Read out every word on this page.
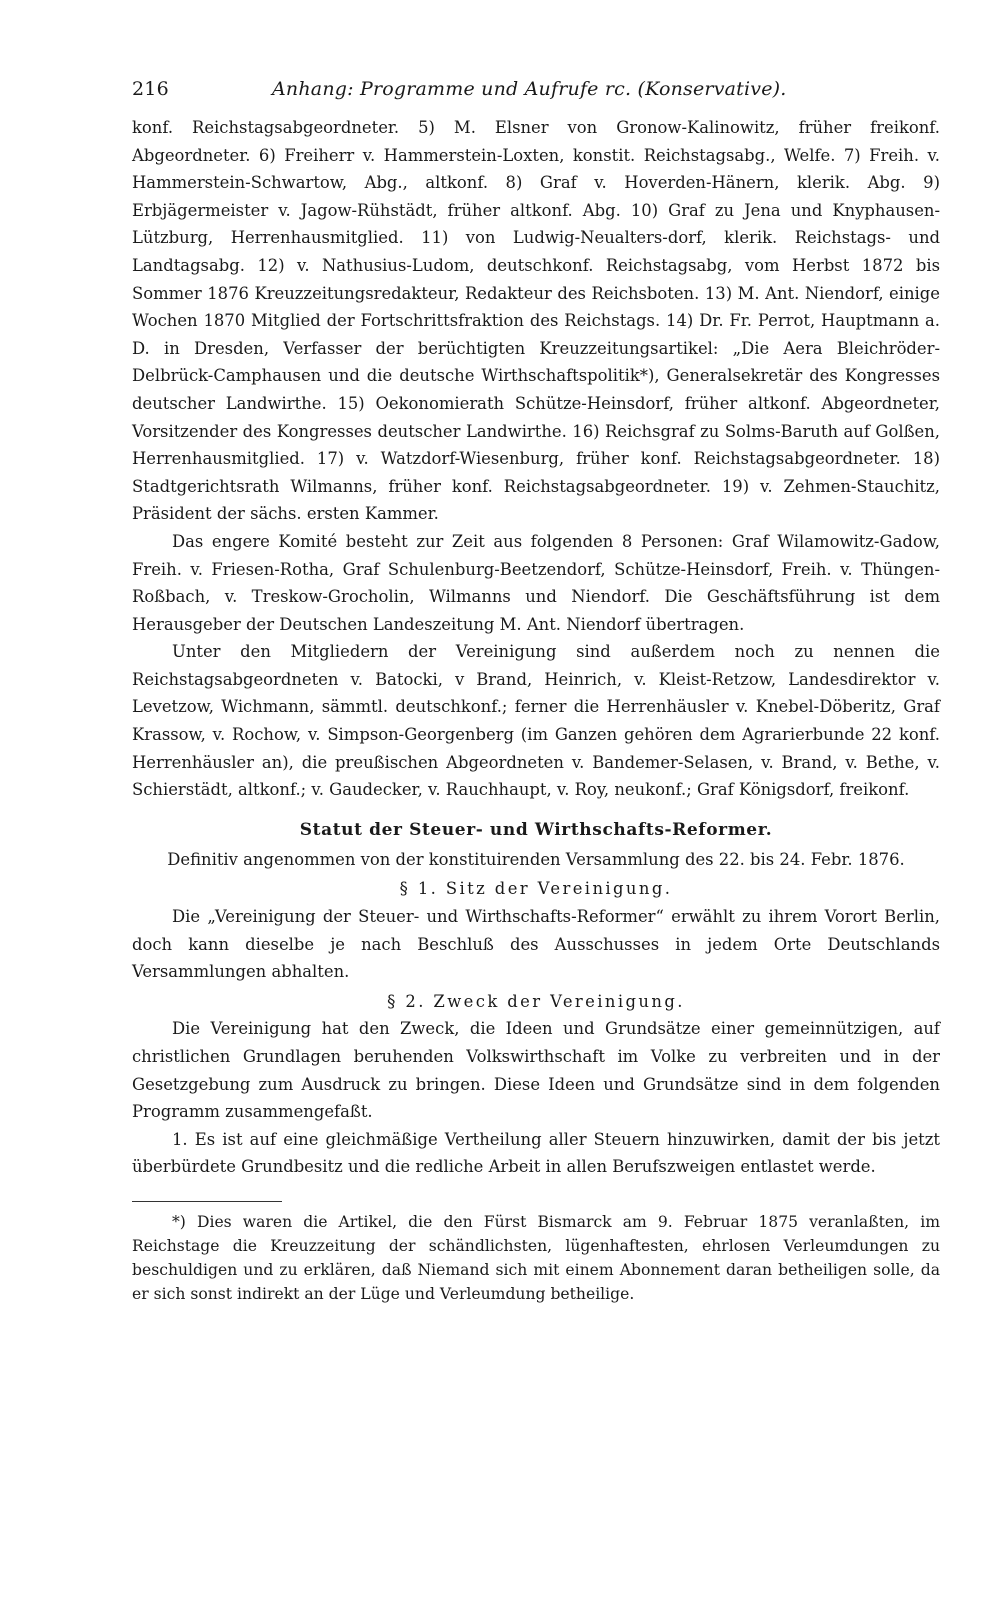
216	Anhang: Programme und Aufrufe rc. (Konservative).

konf. Reichstagsabgeordneter. 5) M. Elsner von Gronow-Kalinowitz, früher freikonf. Abgeordneter. 6) Freiherr v. Hammerstein-Loxten, konstit. Reichstagsabg., Welfe. 7) Freih. v. Hammerstein-Schwartow, Abg., altkonf. 8) Graf v. Hoverden-Hänern, klerik. Abg. 9) Erbjägermeister v. Jagow-Rühstädt, früher altkonf. Abg. 10) Graf zu Jena und Knyphausen-Lützburg, Herrenhausmitglied. 11) von Ludwig-Neualters-dorf, klerik. Reichstags- und Landtagsabg. 12) v. Nathusius-Ludom, deutschkonf. Reichstagsabg, vom Herbst 1872 bis Sommer 1876 Kreuzzeitungsredakteur, Redakteur des Reichsboten. 13) M. Ant. Niendorf, einige Wochen 1870 Mitglied der Fortschrittsfraktion des Reichstags. 14) Dr. Fr. Perrot, Hauptmann a. D. in Dresden, Verfasser der berüchtigten Kreuzzeitungsartikel: „Die Aera Bleichröder-Delbrück-Camphausen und die deutsche Wirthschaftspolitik*), Generalsekretär des Kongresses deutscher Landwirthe. 15) Oekonomierath Schütze-Heinsdorf, früher altkonf. Abgeordneter, Vorsitzender des Kongresses deutscher Landwirthe. 16) Reichsgraf zu Solms-Baruth auf Golßen, Herrenhausmitglied. 17) v. Watzdorf-Wiesenburg, früher konf. Reichstagsabgeordneter. 18) Stadtgerichtsrath Wilmanns, früher konf. Reichstagsabgeordneter. 19) v. Zehmen-Stauchitz, Präsident der sächs. ersten Kammer.

Das engere Komité besteht zur Zeit aus folgenden 8 Personen: Graf Wilamowitz-Gadow, Freih. v. Friesen-Rotha, Graf Schulenburg-Beetzendorf, Schütze-Heinsdorf, Freih. v. Thüngen-Roßbach, v. Treskow-Grocholin, Wilmanns und Niendorf. Die Geschäftsführung ist dem Herausgeber der Deutschen Landeszeitung M. Ant. Niendorf übertragen.

Unter den Mitgliedern der Vereinigung sind außerdem noch zu nennen die Reichstagsabgeordneten v. Batocki, v Brand, Heinrich, v. Kleist-Retzow, Landesdirektor v. Levetzow, Wichmann, sämmtl. deutschkonf.; ferner die Herrenhäusler v. Knebel-Döberitz, Graf Krassow, v. Rochow, v. Simpson-Georgenberg (im Ganzen gehören dem Agrarierbunde 22 konf. Herrenhäusler an), die preußischen Abgeordneten v. Bandemer-Selasen, v. Brand, v. Bethe, v. Schierstädt, altkonf.; v. Gaudecker, v. Rauchhaupt, v. Roy, neukonf.; Graf Königsdorf, freikonf.

Statut der Steuer- und Wirthschafts-Reformer.

Definitiv angenommen von der konstituirenden Versammlung des 22. bis 24. Febr. 1876.

§ 1. Sitz der Vereinigung.

Die „Vereinigung der Steuer- und Wirthschafts-Reformer“ erwählt zu ihrem Vorort Berlin, doch kann dieselbe je nach Beschluß des Ausschusses in jedem Orte Deutschlands Versammlungen abhalten.

§ 2. Zweck der Vereinigung.

Die Vereinigung hat den Zweck, die Ideen und Grundsätze einer gemeinnützigen, auf christlichen Grundlagen beruhenden Volkswirthschaft im Volke zu verbreiten und in der Gesetzgebung zum Ausdruck zu bringen. Diese Ideen und Grundsätze sind in dem folgenden Programm zusammengefaßt.

1. Es ist auf eine gleichmäßige Vertheilung aller Steuern hinzuwirken, damit der bis jetzt überbürdete Grundbesitz und die redliche Arbeit in allen Berufszweigen entlastet werde.

*) Dies waren die Artikel, die den Fürst Bismarck am 9. Februar 1875 veranlaßten, im Reichstage die Kreuzzeitung der schändlichsten, lügenhaftesten, ehrlosen Verleumdungen zu beschuldigen und zu erklären, daß Niemand sich mit einem Abonnement daran betheiligen solle, da er sich sonst indirekt an der Lüge und Verleumdung betheilige.
